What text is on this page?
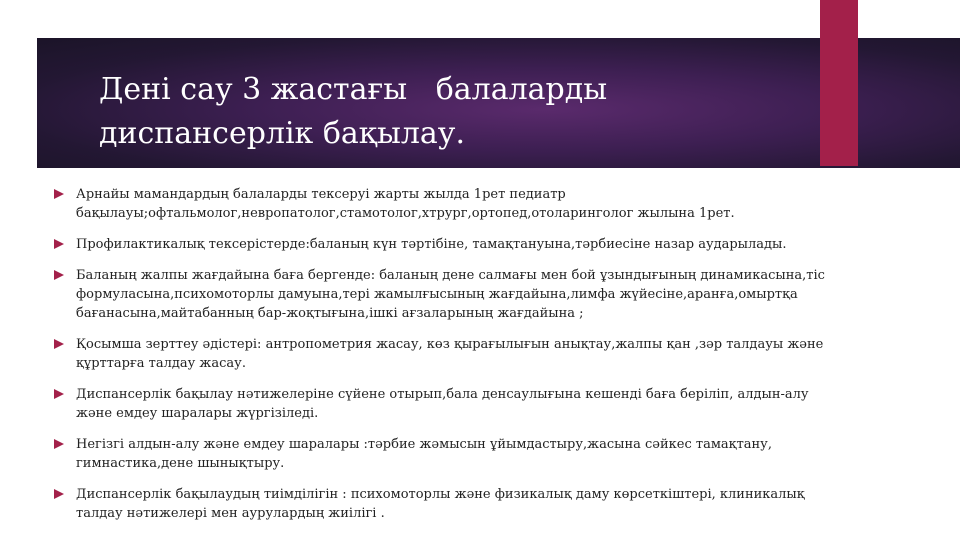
Дені сау 3 жастағы   балаларды
диспансерлік бақылау.
Арнайы мамандардың балаларды тексеруі жарты жылда 1рет педиатр
бақылауы;офтальмолог,невропатолог,стамотолог,хтрург,ортопед,отоларинголог жылына 1рет.
Профилактикалық тексерістерде:баланың күн тәртібіне, тамақтануына,тәрбиесіне назар аударылады.
Баланың жалпы жағдайына баға бергенде: баланың дене салмағы мен бой ұзындығының динамикасына,тіс
формуласына,психомоторлы дамуына,тері жамылғысының жағдайына,лимфа жүйесіне,аранға,омыртқа
бағанасына,майтабанның бар-жоқтығына,ішкі ағзаларының жағдайына ;
Қосымша зерттеу әдістері: антропометрия жасау, көз қырағылығын анықтау,жалпы қан ,зәр талдауы және
құрттарға талдау жасау.
Диспансерлік бақылау нәтижелеріне сүйене отырып,бала денсаулығына кешенді баға беріліп, алдын-алу
және емдеу шаралары жүргізіледі.
Негізгі алдын-алу және емдеу шаралары :тәрбие жәмысын ұйымдастыру,жасына сәйкес тамақтану,
гимнастика,дене шынықтыру.
Диспансерлік бақылаудың тиімділігін : психомоторлы және физикалық даму көрсеткіштері, клиникалық
талдау нәтижелері мен аурулардың жиілігі .
